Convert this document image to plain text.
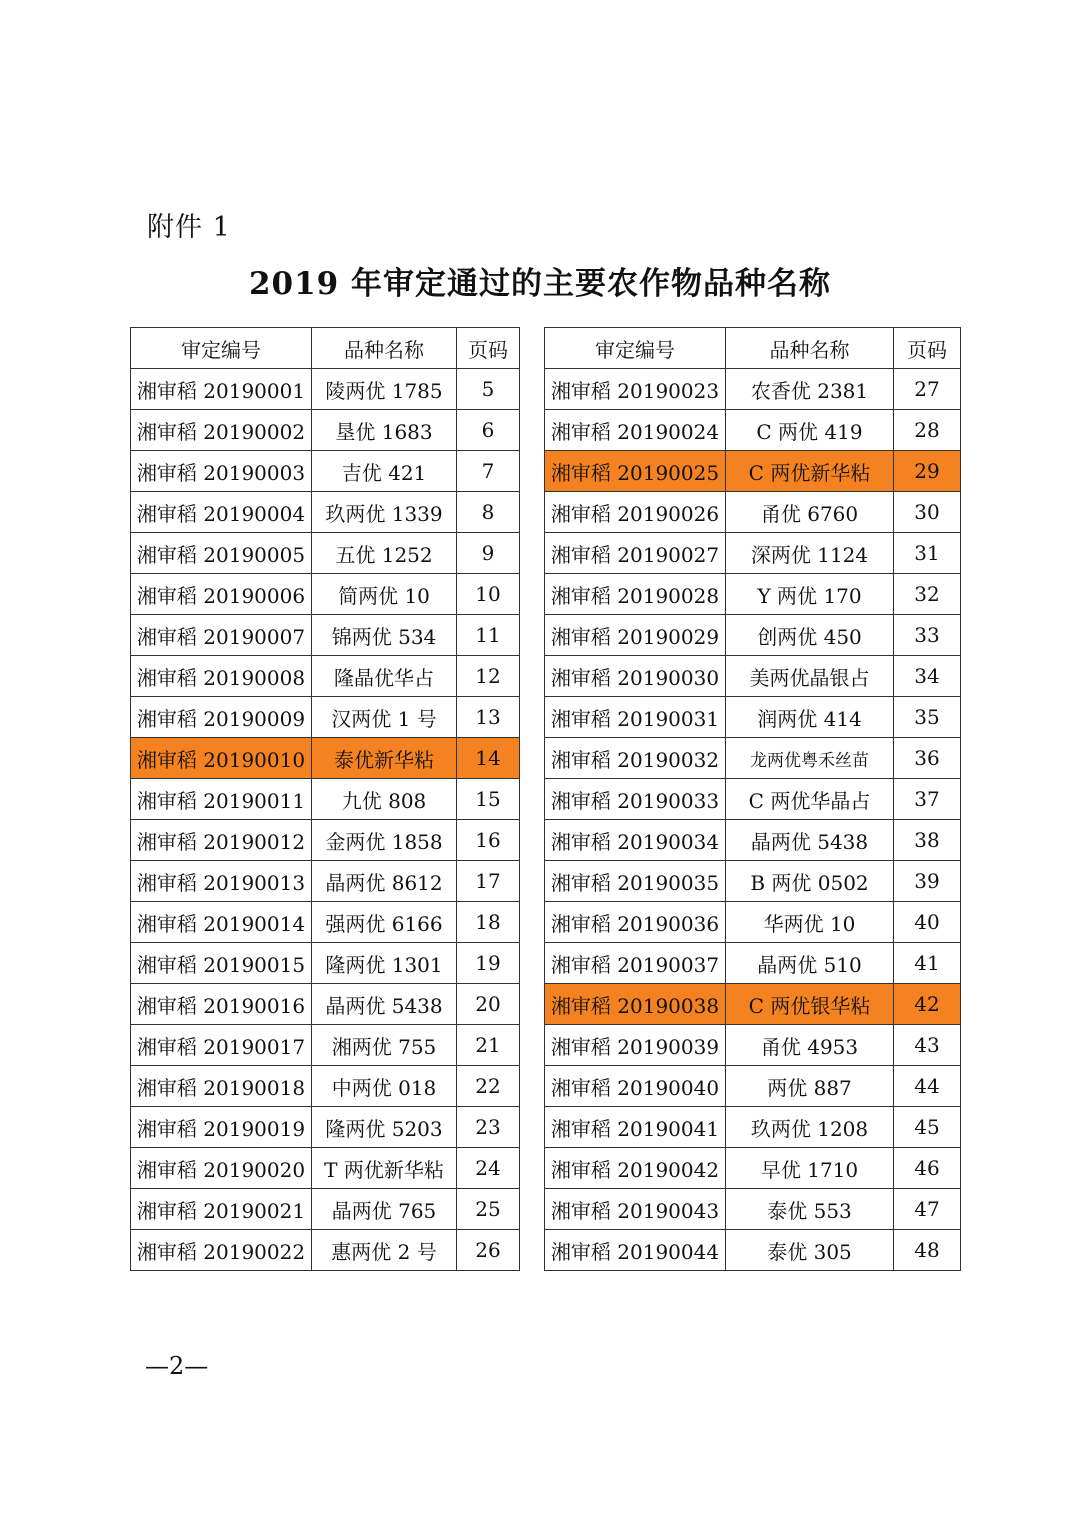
附件 1
2019 年审定通过的主要农作物品种名称
审定编号	品种名称	页码
湘审稻 20190001	陵两优 1785	5
湘审稻 20190002	垦优 1683	6
湘审稻 20190003	吉优 421	7
湘审稻 20190004	玖两优 1339	8
湘审稻 20190005	五优 1252	9
湘审稻 20190006	简两优 10	10
湘审稻 20190007	锦两优 534	11
湘审稻 20190008	隆晶优华占	12
湘审稻 20190009	汉两优 1 号	13
湘审稻 20190010	泰优新华粘	14
湘审稻 20190011	九优 808	15
湘审稻 20190012	金两优 1858	16
湘审稻 20190013	晶两优 8612	17
湘审稻 20190014	强两优 6166	18
湘审稻 20190015	隆两优 1301	19
湘审稻 20190016	晶两优 5438	20
湘审稻 20190017	湘两优 755	21
湘审稻 20190018	中两优 018	22
湘审稻 20190019	隆两优 5203	23
湘审稻 20190020	T 两优新华粘	24
湘审稻 20190021	晶两优 765	25
湘审稻 20190022	惠两优 2 号	26
审定编号	品种名称	页码
湘审稻 20190023	农香优 2381	27
湘审稻 20190024	C 两优 419	28
湘审稻 20190025	C 两优新华粘	29
湘审稻 20190026	甬优 6760	30
湘审稻 20190027	深两优 1124	31
湘审稻 20190028	Y 两优 170	32
湘审稻 20190029	创两优 450	33
湘审稻 20190030	美两优晶银占	34
湘审稻 20190031	润两优 414	35
湘审稻 20190032	龙两优粤禾丝苗	36
湘审稻 20190033	C 两优华晶占	37
湘审稻 20190034	晶两优 5438	38
湘审稻 20190035	B 两优 0502	39
湘审稻 20190036	华两优 10	40
湘审稻 20190037	晶两优 510	41
湘审稻 20190038	C 两优银华粘	42
湘审稻 20190039	甬优 4953	43
湘审稻 20190040	两优 887	44
湘审稻 20190041	玖两优 1208	45
湘审稻 20190042	早优 1710	46
湘审稻 20190043	泰优 553	47
湘审稻 20190044	泰优 305	48
—2—
